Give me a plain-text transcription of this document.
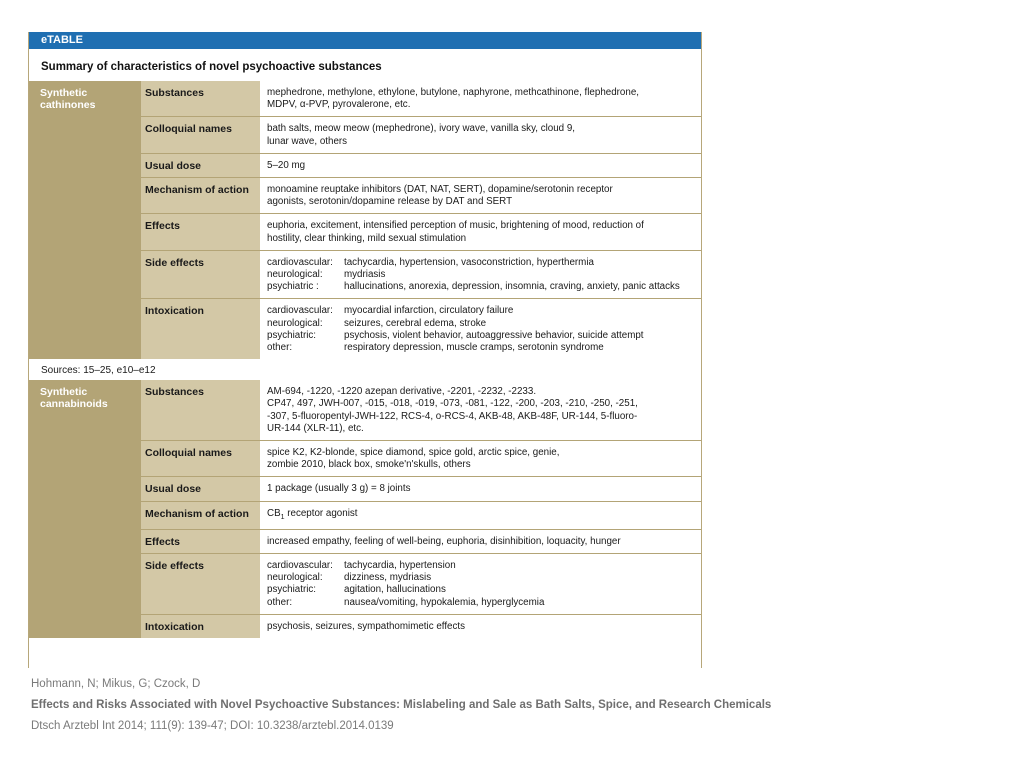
eTABLE
Summary of characteristics of novel psychoactive substances
Synthetic cathinones
Substances	mephedrone, methylone, ethylone, butylone, naphyrone, methcathinone, flephedrone,
MDPV, α-PVP, pyrovalerone, etc.
Colloquial names	bath salts, meow meow (mephedrone), ivory wave, vanilla sky, cloud 9,
lunar wave, others
Usual dose	5–20 mg
Mechanism of action	monoamine reuptake inhibitors (DAT, NAT, SERT), dopamine/serotonin receptor
agonists, serotonin/dopamine release by DAT and SERT
Effects	euphoria, excitement, intensified perception of music, brightening of mood, reduction of
hostility, clear thinking, mild sexual stimulation
Side effects	cardiovascular:	tachycardia, hypertension, vasoconstriction, hyperthermia
neurological:	mydriasis
psychiatric :	hallucinations, anorexia, depression, insomnia, craving, anxiety, panic attacks
Intoxication	cardiovascular:	myocardial infarction, circulatory failure
neurological:	seizures, cerebral edema, stroke
psychiatric:	psychosis, violent behavior, autoaggressive behavior, suicide attempt
other:	respiratory depression, muscle cramps, serotonin syndrome
Sources: 15–25, e10–e12
Synthetic cannabinoids
Substances	AM-694, -1220, -1220 azepan derivative, -2201, -2232, -2233.
CP47, 497, JWH-007, -015, -018, -019, -073, -081, -122, -200, -203, -210, -250, -251,
-307, 5-fluoropentyl-JWH-122, RCS-4, o-RCS-4, AKB-48, AKB-48F, UR-144, 5-fluoro-
UR-144 (XLR-11), etc.
Colloquial names	spice K2, K2-blonde, spice diamond, spice gold, arctic spice, genie,
zombie 2010, black box, smoke'n'skulls, others
Usual dose	1 package (usually 3 g) = 8 joints
Mechanism of action	$CB_1$ receptor agonist
Effects	increased empathy, feeling of well-being, euphoria, disinhibition, loquacity, hunger
Side effects	cardiovascular:	tachycardia, hypertension
neurological:	dizziness, mydriasis
psychiatric:	agitation, hallucinations
other:	nausea/vomiting, hypokalemia, hyperglycemia
Intoxication	psychosis, seizures, sympathomimetic effects
Hohmann, N; Mikus, G; Czock, D
Effects and Risks Associated with Novel Psychoactive Substances: Mislabeling and Sale as Bath Salts, Spice, and Research Chemicals
Dtsch Arztebl Int 2014; 111(9): 139-47; DOI: 10.3238/arztebl.2014.0139
